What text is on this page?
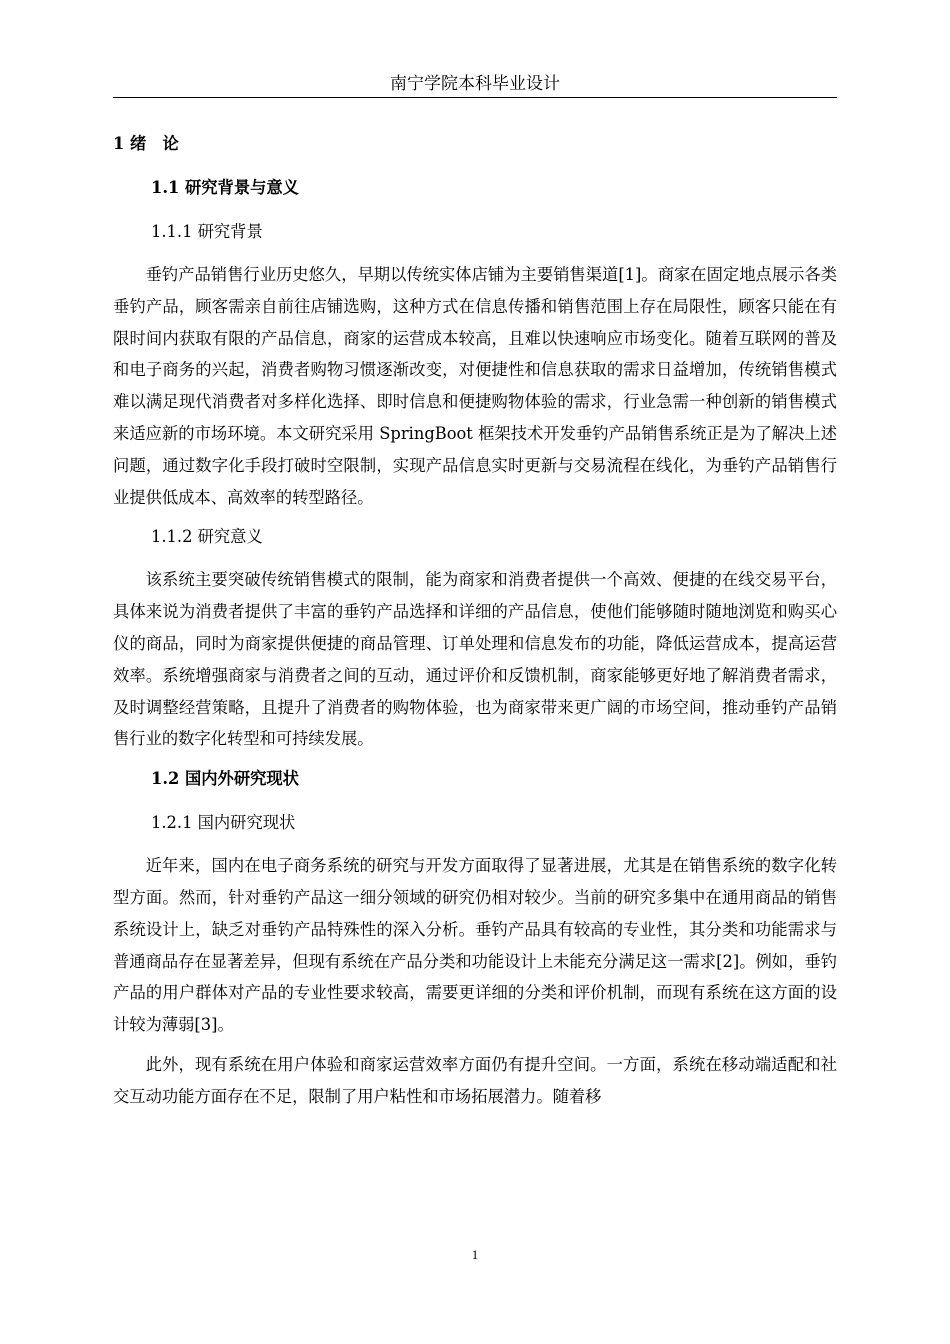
南宁学院本科毕业设计

1 绪　论

1.1 研究背景与意义

1.1.1 研究背景

垂钓产品销售行业历史悠久，早期以传统实体店铺为主要销售渠道[1]。商家在固定地点展示各类垂钓产品，顾客需亲自前往店铺选购，这种方式在信息传播和销售范围上存在局限性，顾客只能在有限时间内获取有限的产品信息，商家的运营成本较高，且难以快速响应市场变化。随着互联网的普及和电子商务的兴起，消费者购物习惯逐渐改变，对便捷性和信息获取的需求日益增加，传统销售模式难以满足现代消费者对多样化选择、即时信息和便捷购物体验的需求，行业急需一种创新的销售模式来适应新的市场环境。本文研究采用 SpringBoot 框架技术开发垂钓产品销售系统正是为了解决上述问题，通过数字化手段打破时空限制，实现产品信息实时更新与交易流程在线化，为垂钓产品销售行业提供低成本、高效率的转型路径。

1.1.2 研究意义

该系统主要突破传统销售模式的限制，能为商家和消费者提供一个高效、便捷的在线交易平台，具体来说为消费者提供了丰富的垂钓产品选择和详细的产品信息，使他们能够随时随地浏览和购买心仪的商品，同时为商家提供便捷的商品管理、订单处理和信息发布的功能，降低运营成本，提高运营效率。系统增强商家与消费者之间的互动，通过评价和反馈机制，商家能够更好地了解消费者需求，及时调整经营策略，且提升了消费者的购物体验，也为商家带来更广阔的市场空间，推动垂钓产品销售行业的数字化转型和可持续发展。

1.2 国内外研究现状

1.2.1 国内研究现状

近年来，国内在电子商务系统的研究与开发方面取得了显著进展，尤其是在销售系统的数字化转型方面。然而，针对垂钓产品这一细分领域的研究仍相对较少。当前的研究多集中在通用商品的销售系统设计上，缺乏对垂钓产品特殊性的深入分析。垂钓产品具有较高的专业性，其分类和功能需求与普通商品存在显著差异，但现有系统在产品分类和功能设计上未能充分满足这一需求[2]。例如，垂钓产品的用户群体对产品的专业性要求较高，需要更详细的分类和评价机制，而现有系统在这方面的设计较为薄弱[3]。

此外，现有系统在用户体验和商家运营效率方面仍有提升空间。一方面，系统在移动端适配和社交互动功能方面存在不足，限制了用户粘性和市场拓展潜力。随着移

1
